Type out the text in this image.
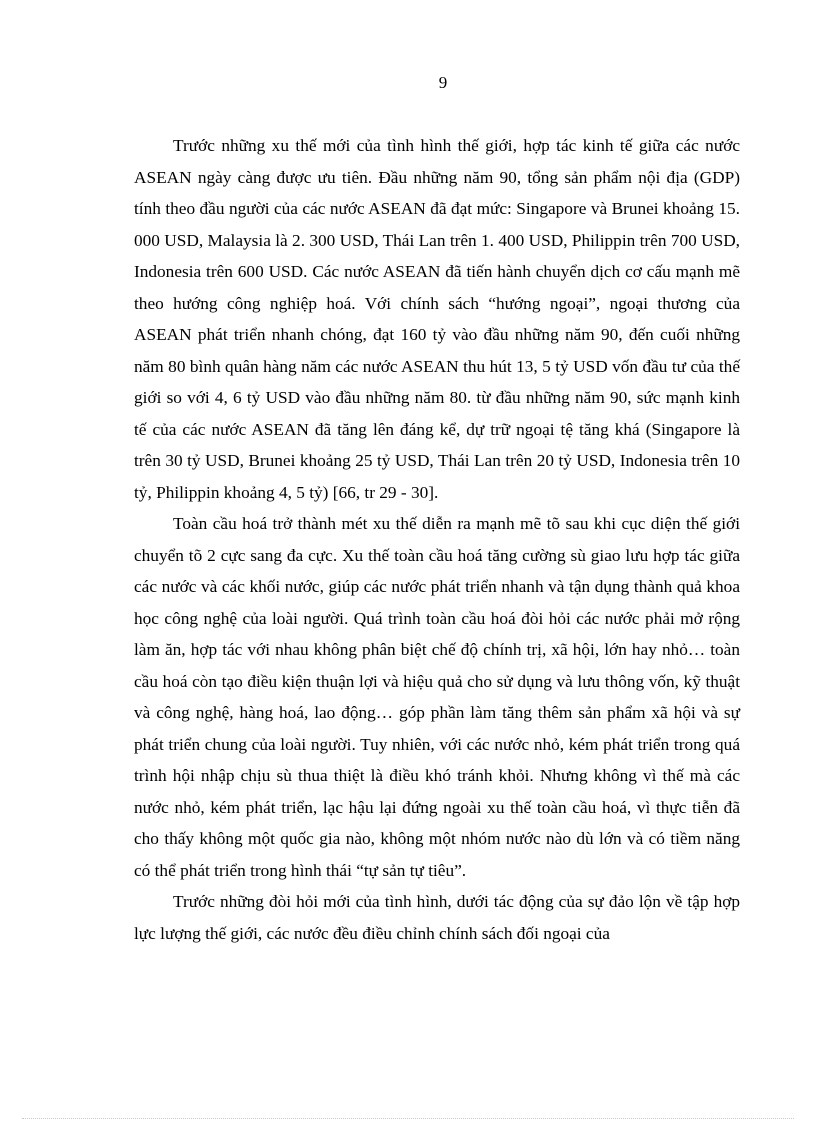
9

Trước những xu thế mới của tình hình thế giới, hợp tác kinh tế giữa các nước ASEAN ngày càng được ưu tiên. Đầu những năm 90, tổng sản phẩm nội địa (GDP) tính theo đầu người của các nước ASEAN đã đạt mức: Singapore và Brunei khoảng 15. 000 USD, Malaysia là 2. 300 USD, Thái Lan trên 1. 400 USD, Philippin trên 700 USD, Indonesia trên 600 USD. Các nước ASEAN đã tiến hành chuyển dịch cơ cấu mạnh mẽ theo hướng công nghiệp hoá. Với chính sách “hướng ngoại”, ngoại thương của ASEAN phát triển nhanh chóng, đạt 160 tỷ vào đầu những năm 90, đến cuối những năm 80 bình quân hàng năm các nước ASEAN thu hút 13, 5 tỷ USD vốn đầu tư của thế giới so với 4, 6 tỷ USD vào đầu những năm 80. từ đầu những năm 90, sức mạnh kinh tế của các nước ASEAN đã tăng lên đáng kể, dự trữ ngoại tệ tăng khá (Singapore là trên 30 tỷ USD, Brunei khoảng 25 tỷ USD, Thái Lan trên 20 tỷ USD, Indonesia trên 10 tỷ, Philippin khoảng 4, 5 tỷ) [66, tr 29 - 30].

Toàn cầu hoá trở thành mét xu thế diễn ra mạnh mẽ tõ sau khi cục diện thế giới chuyển tõ 2 cực sang đa cực. Xu thế toàn cầu hoá tăng cường sù giao lưu hợp tác giữa các nước và các khối nước, giúp các nước phát triển nhanh và tận dụng thành quả khoa học công nghệ của loài người. Quá trình toàn cầu hoá đòi hỏi các nước phải mở rộng làm ăn, hợp tác với nhau không phân biệt chế độ chính trị, xã hội, lớn hay nhỏ… toàn cầu hoá còn tạo điều kiện thuận lợi và hiệu quả cho sử dụng và lưu thông vốn, kỹ thuật và công nghệ, hàng hoá, lao động… góp phần làm tăng thêm sản phẩm xã hội và sự phát triển chung của loài người. Tuy nhiên, với các nước nhỏ, kém phát triển trong quá trình hội nhập chịu sù thua thiệt là điều khó tránh khỏi. Nhưng không vì thế mà các nước nhỏ, kém phát triển, lạc hậu lại đứng ngoài xu thế toàn cầu hoá, vì thực tiễn đã cho thấy không một quốc gia nào, không một nhóm nước nào dù lớn và có tiềm năng có thể phát triển trong hình thái “tự sản tự tiêu”.

Trước những đòi hỏi mới của tình hình, dưới tác động của sự đảo lộn về tập hợp lực lượng thế giới, các nước đều điều chỉnh chính sách đối ngoại của
